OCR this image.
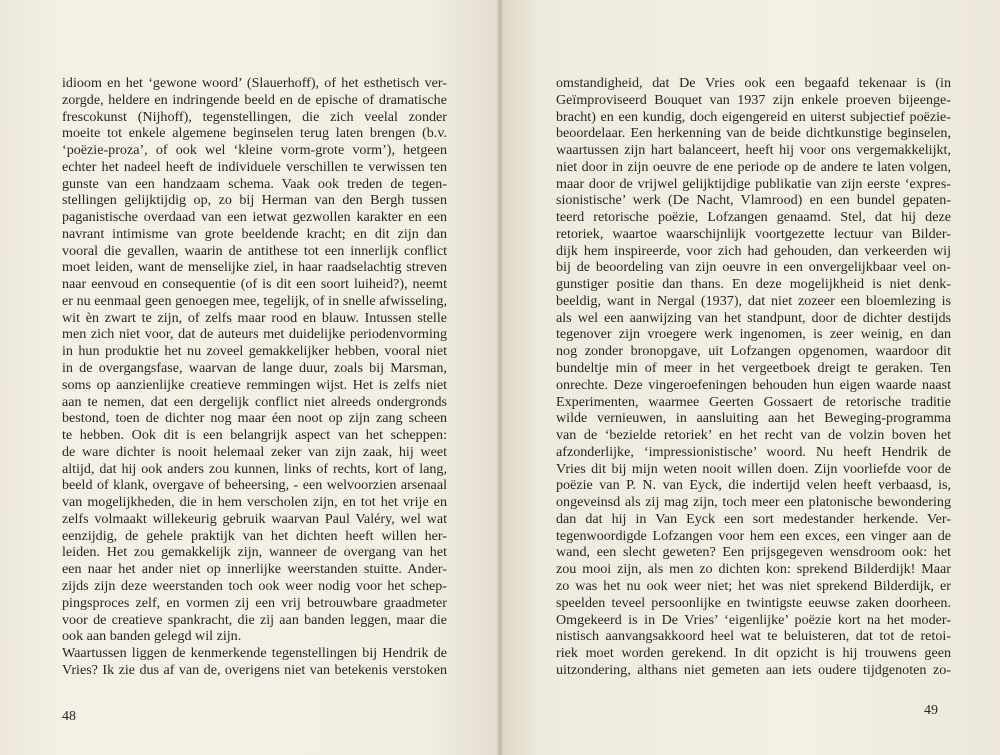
idioom en het ‘gewone woord’ (Slauerhoff), of het esthetisch ver-
zorgde, heldere en indringende beeld en de epische of dramatische
frescokunst (Nijhoff), tegenstellingen, die zich veelal zonder
moeite tot enkele algemene beginselen terug laten brengen (b.v.
‘poëzie-proza’, of ook wel ‘kleine vorm-grote vorm’), hetgeen
echter het nadeel heeft de individuele verschillen te verwissen ten
gunste van een handzaam schema. Vaak ook treden de tegen-
stellingen gelijktijdig op, zo bij Herman van den Bergh tussen
paganistische overdaad van een ietwat gezwollen karakter en een
navrant intimisme van grote beeldende kracht; en dit zijn dan
vooral die gevallen, waarin de antithese tot een innerlijk conflict
moet leiden, want de menselijke ziel, in haar raadselachtig streven
naar eenvoud en consequentie (of is dit een soort luiheid?), neemt
er nu eenmaal geen genoegen mee, tegelijk, of in snelle afwisseling,
wit èn zwart te zijn, of zelfs maar rood en blauw. Intussen stelle
men zich niet voor, dat de auteurs met duidelijke periodenvorming
in hun produktie het nu zoveel gemakkelijker hebben, vooral niet
in de overgangsfase, waarvan de lange duur, zoals bij Marsman,
soms op aanzienlijke creatieve remmingen wijst. Het is zelfs niet
aan te nemen, dat een dergelijk conflict niet alreeds ondergronds
bestond, toen de dichter nog maar éen noot op zijn zang scheen
te hebben. Ook dit is een belangrijk aspect van het scheppen:
de ware dichter is nooit helemaal zeker van zijn zaak, hij weet
altijd, dat hij ook anders zou kunnen, links of rechts, kort of lang,
beeld of klank, overgave of beheersing, - een welvoorzien arsenaal
van mogelijkheden, die in hem verscholen zijn, en tot het vrije en
zelfs volmaakt willekeurig gebruik waarvan Paul Valéry, wel wat
eenzijdig, de gehele praktijk van het dichten heeft willen her-
leiden. Het zou gemakkelijk zijn, wanneer de overgang van het
een naar het ander niet op innerlijke weerstanden stuitte. Ander-
zijds zijn deze weerstanden toch ook weer nodig voor het schep-
pingsproces zelf, en vormen zij een vrij betrouwbare graadmeter
voor de creatieve spankracht, die zij aan banden leggen, maar die
ook aan banden gelegd wil zijn.
Waartussen liggen de kenmerkende tegenstellingen bij Hendrik de
Vries? Ik zie dus af van de, overigens niet van betekenis verstoken
48
omstandigheid, dat De Vries ook een begaafd tekenaar is (in
Geïmproviseerd Bouquet van 1937 zijn enkele proeven bijeenge-
bracht) en een kundig, doch eigengereid en uiterst subjectief poëzie-
beoordelaar. Een herkenning van de beide dichtkunstige beginselen,
waartussen zijn hart balanceert, heeft hij voor ons vergemakkelijkt,
niet door in zijn oeuvre de ene periode op de andere te laten volgen,
maar door de vrijwel gelijktijdige publikatie van zijn eerste ‘expres-
sionistische’ werk (De Nacht, Vlamrood) en een bundel gepaten-
teerd retorische poëzie, Lofzangen genaamd. Stel, dat hij deze
retoriek, waartoe waarschijnlijk voortgezette lectuur van Bilder-
dijk hem inspireerde, voor zich had gehouden, dan verkeerden wij
bij de beoordeling van zijn oeuvre in een onvergelijkbaar veel on-
gunstiger positie dan thans. En deze mogelijkheid is niet denk-
beeldig, want in Nergal (1937), dat niet zozeer een bloemlezing is
als wel een aanwijzing van het standpunt, door de dichter destijds
tegenover zijn vroegere werk ingenomen, is zeer weinig, en dan
nog zonder bronopgave, uit Lofzangen opgenomen, waardoor dit
bundeltje min of meer in het vergeetboek dreigt te geraken. Ten
onrechte. Deze vingeroefeningen behouden hun eigen waarde naast
Experimenten, waarmee Geerten Gossaert de retorische traditie
wilde vernieuwen, in aansluiting aan het Beweging-programma
van de ‘bezielde retoriek’ en het recht van de volzin boven het
afzonderlijke, ‘impressionistische’ woord. Nu heeft Hendrik de
Vries dit bij mijn weten nooit willen doen. Zijn voorliefde voor de
poëzie van P. N. van Eyck, die indertijd velen heeft verbaasd, is,
ongeveinsd als zij mag zijn, toch meer een platonische bewondering
dan dat hij in Van Eyck een sort medestander herkende. Ver-
tegenwoordigde Lofzangen voor hem een exces, een vinger aan de
wand, een slecht geweten? Een prijsgegeven wensdroom ook: het
zou mooi zijn, als men zo dichten kon: sprekend Bilderdijk! Maar
zo was het nu ook weer niet; het was niet sprekend Bilderdijk, er
speelden teveel persoonlijke en twintigste eeuwse zaken doorheen.
Omgekeerd is in De Vries’ ‘eigenlijke’ poëzie kort na het moder-
nistisch aanvangsakkoord heel wat te beluisteren, dat tot de retoi-
riek moet worden gerekend. In dit opzicht is hij trouwens geen
uitzondering, althans niet gemeten aan iets oudere tijdgenoten zo-
49
